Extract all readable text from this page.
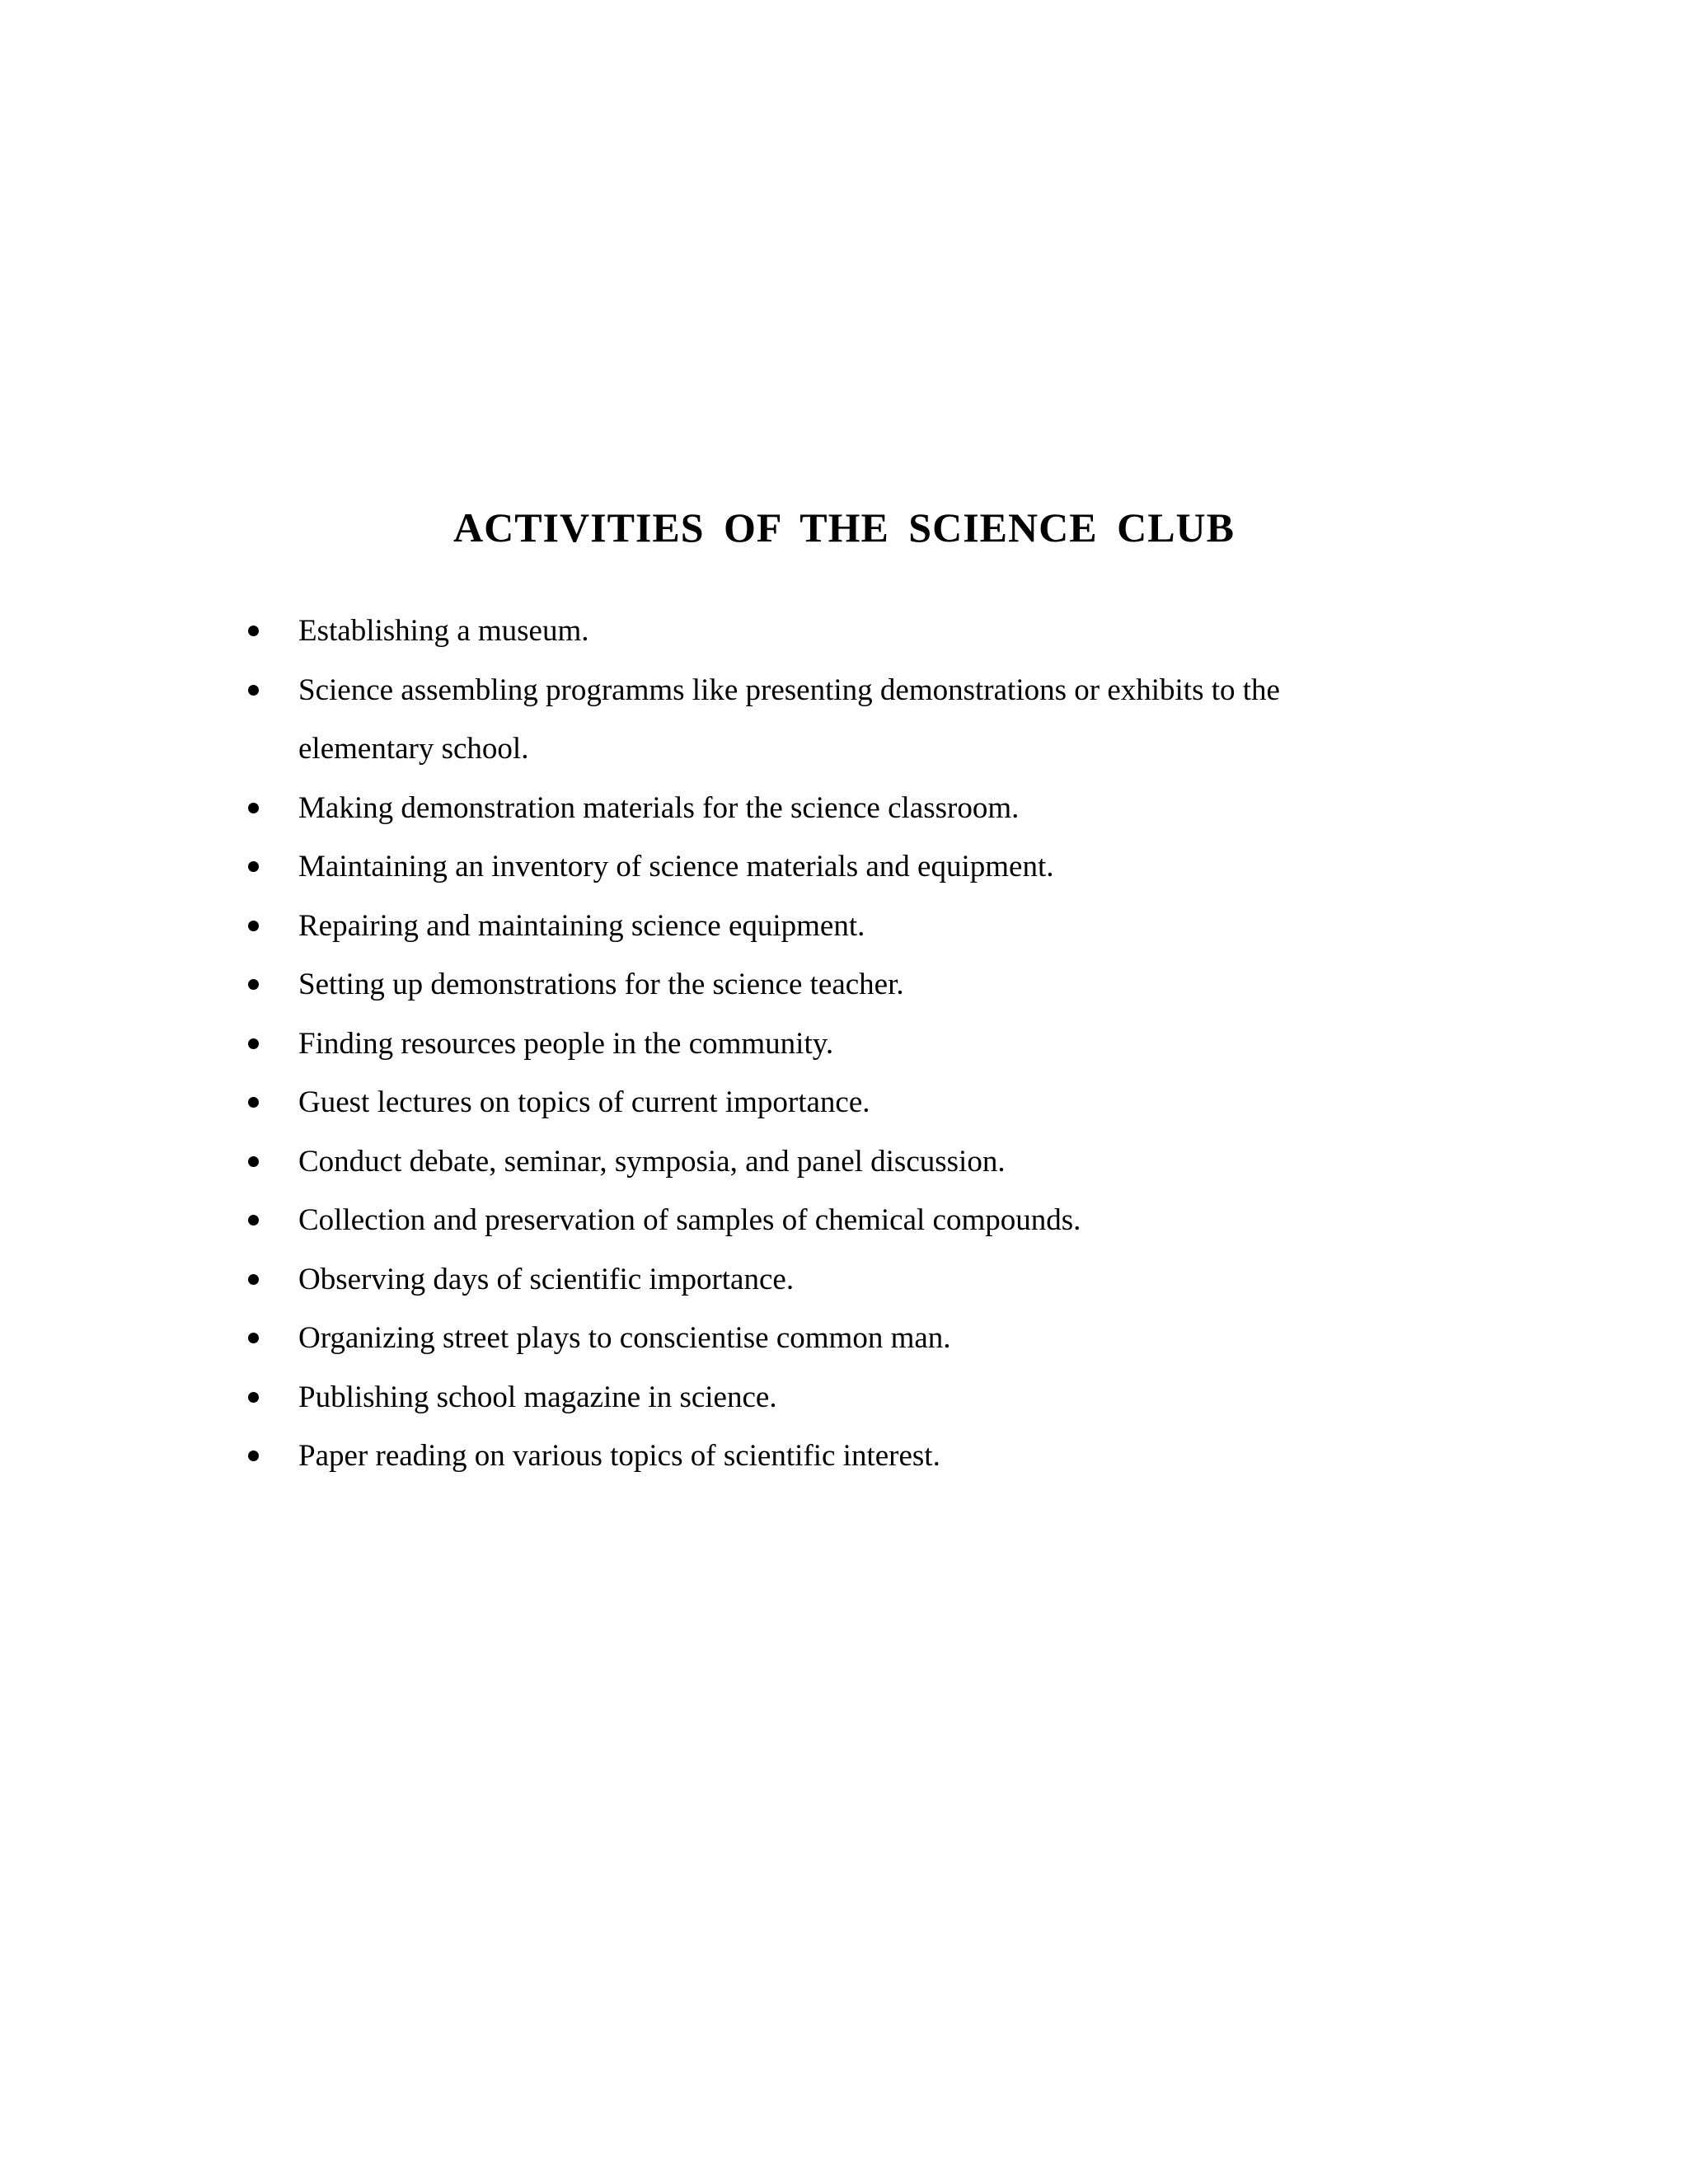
ACTIVITIES OF THE SCIENCE CLUB
Establishing a museum.
Science assembling programms like presenting demonstrations or exhibits to the elementary school.
Making demonstration materials for the science classroom.
Maintaining an inventory of science materials and equipment.
Repairing and maintaining science equipment.
Setting up demonstrations for the science teacher.
Finding resources people in the community.
Guest lectures on topics of current importance.
Conduct debate, seminar, symposia, and panel discussion.
Collection and preservation of samples of chemical compounds.
Observing days of scientific importance.
Organizing street plays to conscientise common man.
Publishing school magazine in science.
Paper reading on various topics of scientific interest.
